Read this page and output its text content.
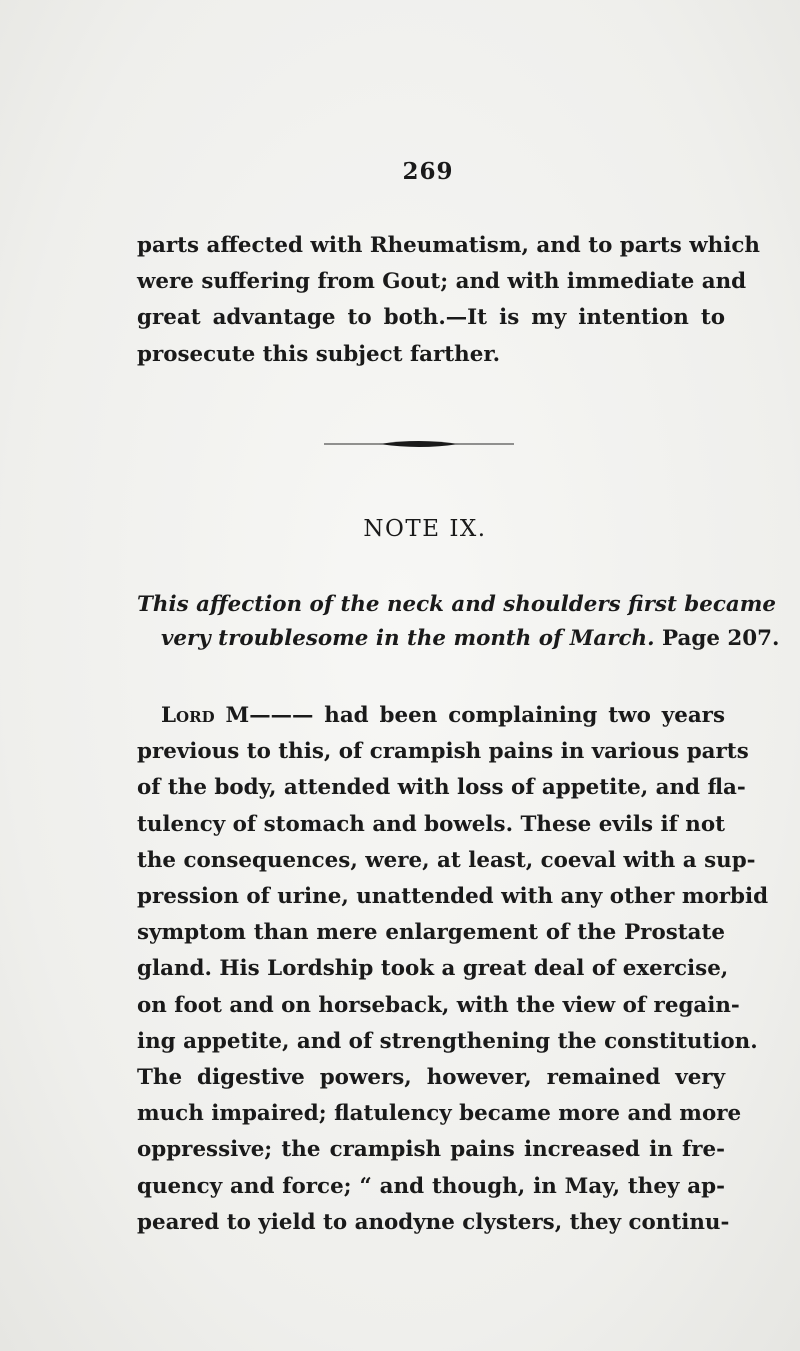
269
parts affected with Rheumatism, and to parts which
were suffering from Gout; and with immediate and
great advantage to both.—It is my intention to
prosecute this subject farther.
NOTE IX.
This affection of the neck and shoulders first became
very troublesome in the month of March. Page 207.
Lord M——— had been complaining two years
previous to this, of crampish pains in various parts
of the body, attended with loss of appetite, and fla-
tulency of stomach and bowels. These evils if not
the consequences, were, at least, coeval with a sup-
pression of urine, unattended with any other morbid
symptom than mere enlargement of the Prostate
gland. His Lordship took a great deal of exercise,
on foot and on horseback, with the view of regain-
ing appetite, and of strengthening the constitution.
The digestive powers, however, remained very
much impaired; flatulency became more and more
oppressive; the crampish pains increased in fre-
quency and force; “ and though, in May, they ap-
peared to yield to anodyne clysters, they continu-
